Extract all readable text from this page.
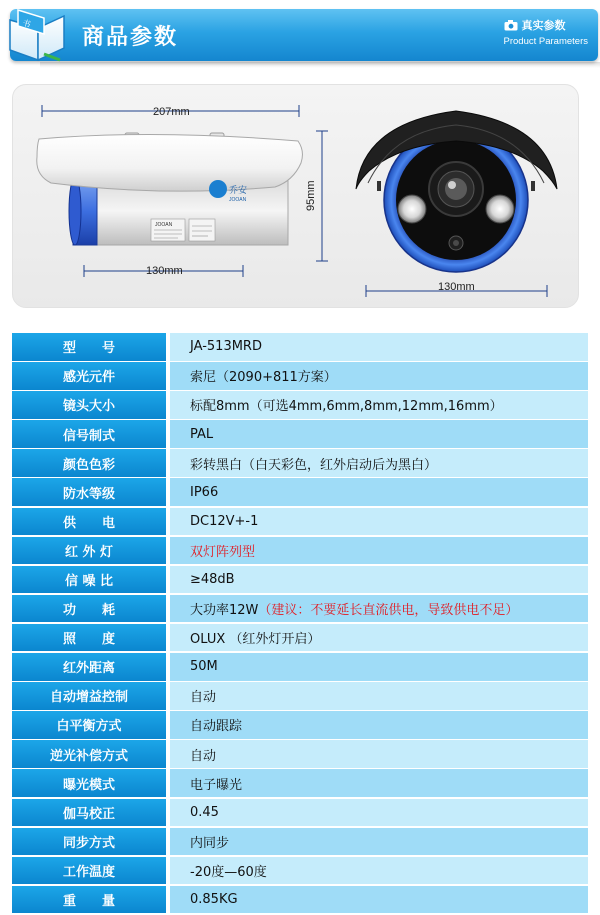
书
商品参数	真实参数
Product Parameters
乔安
JOOAN
JOOAN
207mm
95mm
130mm
130mm
型　　号	JA-513MRD
感光元件	索尼（2090+811方案）
镜头大小	标配8mm（可选4mm,6mm,8mm,12mm,16mm）
信号制式	PAL
颜色色彩	彩转黑白（白天彩色，红外启动后为黑白）
防水等级	IP66
供　　电	DC12V+-1
红 外 灯	双灯阵列型
信 噪 比	≥48dB
功　　耗	大功率12W （建议：不要延长直流供电，导致供电不足）
照　　度	OLUX （红外灯开启）
红外距离	50M
自动增益控制	自动
白平衡方式	自动跟踪
逆光补偿方式	自动
曝光模式	电子曝光
伽马校正	0.45
同步方式	内同步
工作温度	-20度—60度
重　　量	0.85KG
